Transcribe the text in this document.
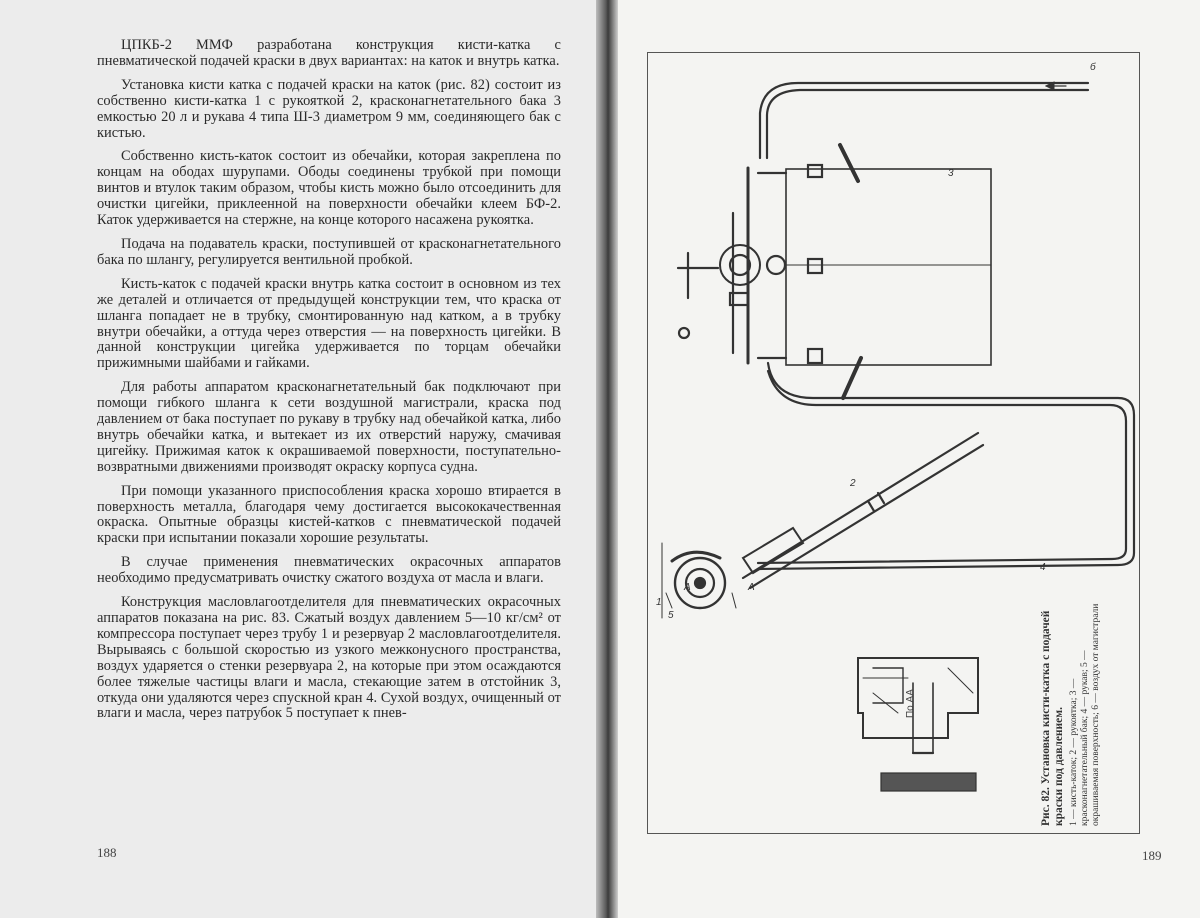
ЦПКБ-2 ММФ разработана конструкция кисти-катка с пневматической подачей краски в двух вариантах: на каток и внутрь катка.

Установка кисти катка с подачей краски на каток (рис. 82) состоит из собственно кисти-катка 1 с рукояткой 2, красконагнетательного бака 3 емкостью 20 л и рукава 4 типа Ш-3 диаметром 9 мм, соединяющего бак с кистью.

Собственно кисть-каток состоит из обечайки, которая закреплена по концам на ободах шурупами. Ободы соединены трубкой при помощи винтов и втулок таким образом, чтобы кисть можно было отсоединить для очистки цигейки, приклеенной на поверхности обечайки клеем БФ-2. Каток удерживается на стержне, на конце которого насажена рукоятка.

Подача на подаватель краски, поступившей от красконагнетательного бака по шлангу, регулируется вентильной пробкой.

Кисть-каток с подачей краски внутрь катка состоит в основном из тех же деталей и отличается от предыдущей конструкции тем, что краска от шланга попадает не в трубку, смонтированную над катком, а в трубку внутри обечайки, а оттуда через отверстия — на поверхность цигейки. В данной конструкции цигейка удерживается по торцам обечайки прижимными шайбами и гайками.

Для работы аппаратом красконагнетательный бак подключают при помощи гибкого шланга к сети воздушной магистрали, краска под давлением от бака поступает по рукаву в трубку над обечайкой катка, либо внутрь обечайки катка, и вытекает из их отверстий наружу, смачивая цигейку. Прижимая каток к окрашиваемой поверхности, поступательно-возвратными движениями производят окраску корпуса судна.

При помощи указанного приспособления краска хорошо втирается в поверхность металла, благодаря чему достигается высококачественная окраска. Опытные образцы кистей-катков с пневматической подачей краски при испытании показали хорошие результаты.

В случае применения пневматических окрасочных аппаратов необходимо предусматривать очистку сжатого воздуха от масла и влаги.

Конструкция масловлагоотделителя для пневматических окрасочных аппаратов показана на рис. 83. Сжатый воздух давлением 5—10 кг/см² от компрессора поступает через трубу 1 и резервуар 2 масловлагоотделителя. Вырываясь с большой скоростью из узкого межконусного пространства, воздух ударяется о стенки резервуара 2, на которые при этом осаждаются более тяжелые частицы влаги и масла, стекающие затем в отстойник 3, откуда они удаляются через спускной кран 4. Сухой воздух, очищенный от влаги и масла, через патрубок 5 поступает к пнев-

188
б
3
2
4
1
5
А	А
По АА	Рис. 82. Установка кисти-катка с подачей краски под давлением. 1 — кисть-каток; 2 — рукоятка; 3 — красконагнетательный бак; 4 — рукав; 5 — окрашиваемая поверхность; 6 — воздух от магистрали
189
